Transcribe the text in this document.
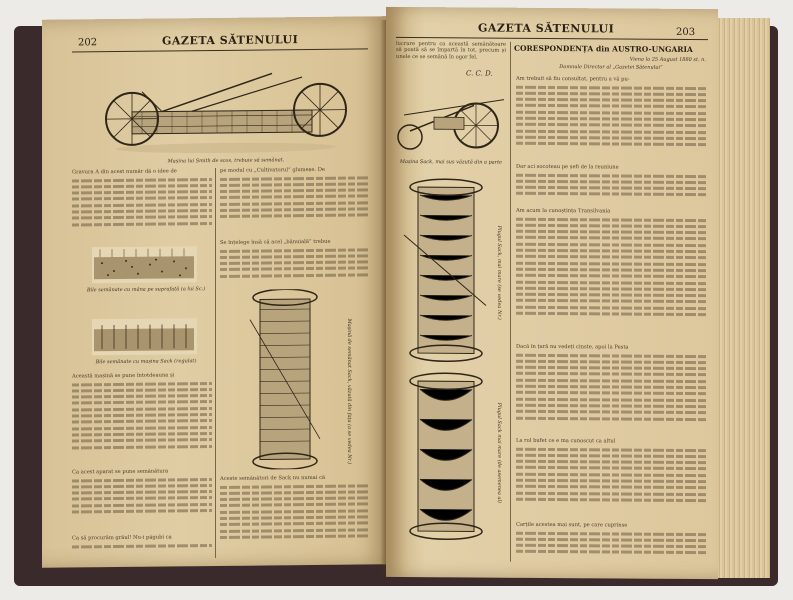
202	GAZETA SĂTENULUI
Mașina lui Smith de scos, trebuie să semănat.
Gravura A din acest număr dă o idee de
Bile semănate cu mâna pe suprafață (a lui Sc.)
Bile semănate cu mașina Sack (regulat)
Această mașină se pune întotdeauna și
Ca acest aparat se pune semănătura
Ca să procurăm grâul! Nu-i păgubi ca
pe modul cu „Cultivatorul“ glumeșe. De
Se înțelege însă că acel „bănuială“ trebue
Mașină de semănat Sack, văzută din fața (a se vedea Nr.)
Aceste semănători de Sack nu numai că
GAZETA SĂTENULUI	203
lucrare pentru ca această semănătoare să poată să se împartă în tot, precum și unele ce se semănă în ogor fel.
C. C. D.
Mașina Sack, mai sus văzută din a parte
Plugul Sack, mai mare (se vedea Nr.)
Plugul Sack mai mare (de asemenea al)
CORESPONDENȚA din AUSTRO-UNGARIA
Viena la 25 August 1880 st. n.
Domnule Director al „Gazetei Sătenului“
Am trebuit să fiu consultat, pentru a vă pu-
Dar aci socoteau pe șefi de la reuniune
Am acum la cunoștința Transilvania
Dacă în țară nu vedeți cinste, apoi la Pesta
La rol bufet ce e ma cunoscut ca altul
Carțile acestea mai sunt, pe care cuprinse
